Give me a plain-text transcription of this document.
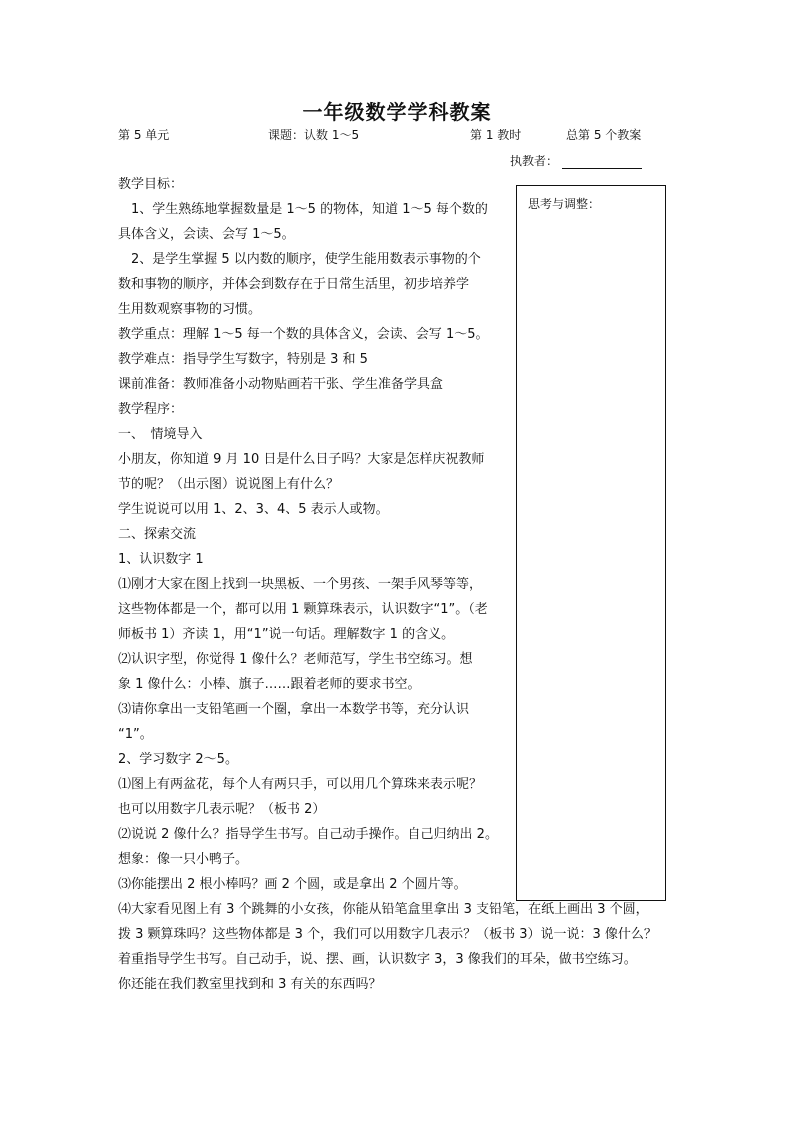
一年级数学学科教案
第 5 单元	课题：认数 1～5	第 1 教时	总第 5 个教案
执教者：
思考与调整：
教学目标：
　1、学生熟练地掌握数量是 1～5 的物体，知道 1～5 每个数的
具体含义，会读、会写 1～5。
　2、是学生掌握 5 以内数的顺序，使学生能用数表示事物的个
数和事物的顺序，并体会到数存在于日常生活里，初步培养学
生用数观察事物的习惯。
教学重点：理解 1～5 每一个数的具体含义，会读、会写 1～5。
教学难点：指导学生写数字，特别是 3 和 5
课前准备：教师准备小动物贴画若干张、学生准备学具盒
教学程序：
一、　情境导入
小朋友，你知道 9 月 10 日是什么日子吗？大家是怎样庆祝教师
节的呢？（出示图）说说图上有什么？
学生说说可以用 1、2、3、4、5 表示人或物。
二、探索交流
1、认识数字 1
⑴刚才大家在图上找到一块黑板、一个男孩、一架手风琴等等，
这些物体都是一个，都可以用 1 颗算珠表示，认识数字“1”。（老
师板书 1）齐读 1，用“1”说一句话。理解数字 1 的含义。
⑵认识字型，你觉得 1 像什么？老师范写，学生书空练习。想
象 1 像什么：小棒、旗子……跟着老师的要求书空。
⑶请你拿出一支铅笔画一个圈，拿出一本数学书等，充分认识
“1”。
2、学习数字 2～5。
⑴图上有两盆花，每个人有两只手，可以用几个算珠来表示呢？
也可以用数字几表示呢？（板书 2）
⑵说说 2 像什么？指导学生书写。自己动手操作。自己归纳出 2。
想象：像一只小鸭子。
⑶你能摆出 2 根小棒吗？画 2 个圆，或是拿出 2 个圆片等。
⑷大家看见图上有 3 个跳舞的小女孩，你能从铅笔盒里拿出 3 支铅笔，在纸上画出 3 个圆，
拨 3 颗算珠吗？这些物体都是 3 个，我们可以用数字几表示？（板书 3）说一说：3 像什么？
着重指导学生书写。自己动手，说、摆、画，认识数字 3，3 像我们的耳朵，做书空练习。
你还能在我们教室里找到和 3 有关的东西吗？
